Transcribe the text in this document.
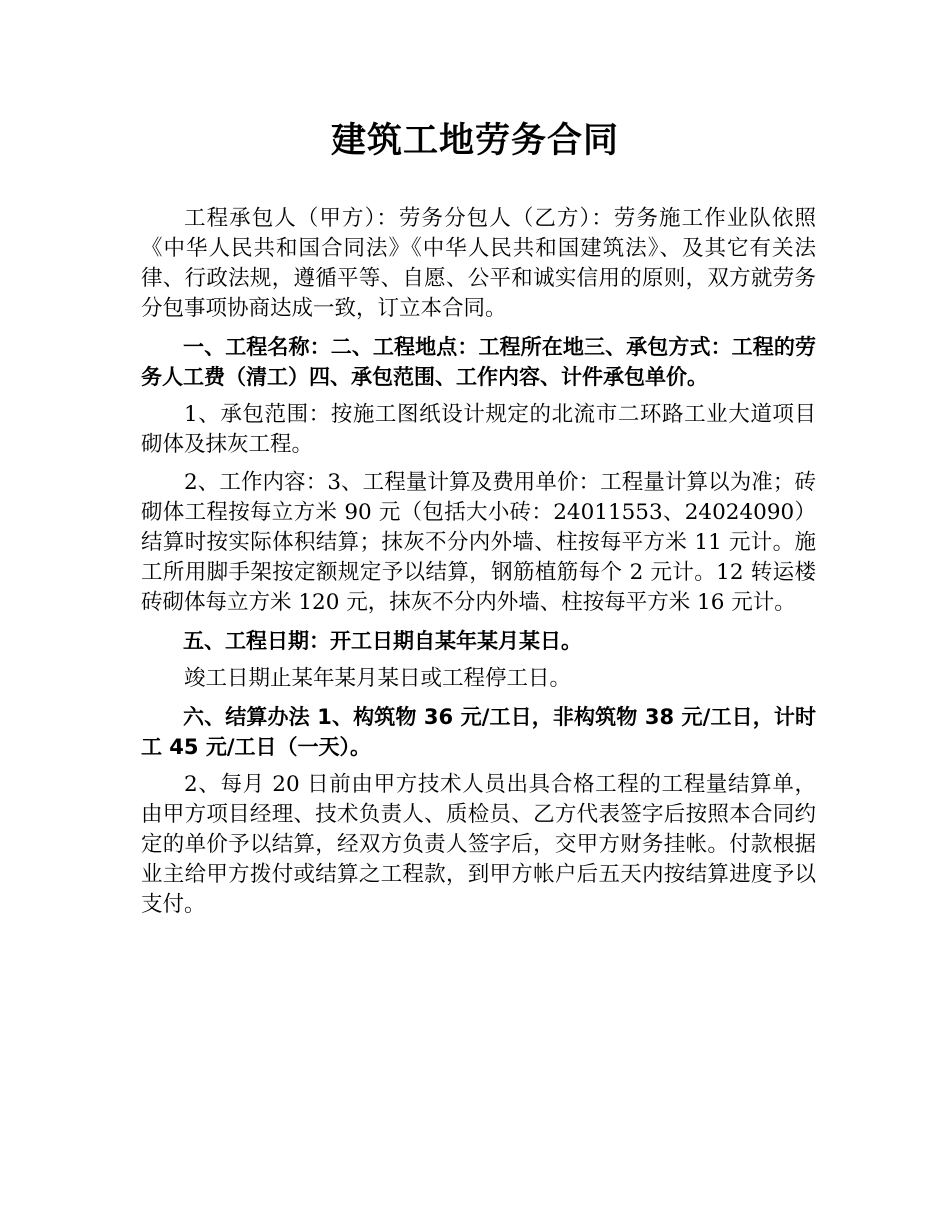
建筑工地劳务合同

工程承包人（甲方）：劳务分包人（乙方）：劳务施工作业队依照《中华人民共和国合同法》《中华人民共和国建筑法》、及其它有关法律、行政法规，遵循平等、自愿、公平和诚实信用的原则，双方就劳务分包事项协商达成一致，订立本合同。

一、工程名称：二、工程地点：工程所在地三、承包方式：工程的劳务人工费（清工）四、承包范围、工作内容、计件承包单价。

1、承包范围：按施工图纸设计规定的北流市二环路工业大道项目砌体及抹灰工程。

2、工作内容：3、工程量计算及费用单价：工程量计算以为准；砖砌体工程按每立方米 90 元（包括大小砖：24011553、24024090）结算时按实际体积结算；抹灰不分内外墙、柱按每平方米 11 元计。施工所用脚手架按定额规定予以结算，钢筋植筋每个 2 元计。12 转运楼砖砌体每立方米 120 元，抹灰不分内外墙、柱按每平方米 16 元计。

五、工程日期：开工日期自某年某月某日。

竣工日期止某年某月某日或工程停工日。

六、结算办法 1、构筑物 36 元/工日，非构筑物 38 元/工日，计时工 45 元/工日（一天）。

2、每月 20 日前由甲方技术人员出具合格工程的工程量结算单，由甲方项目经理、技术负责人、质检员、乙方代表签字后按照本合同约定的单价予以结算，经双方负责人签字后，交甲方财务挂帐。付款根据业主给甲方拨付或结算之工程款，到甲方帐户后五天内按结算进度予以支付。
